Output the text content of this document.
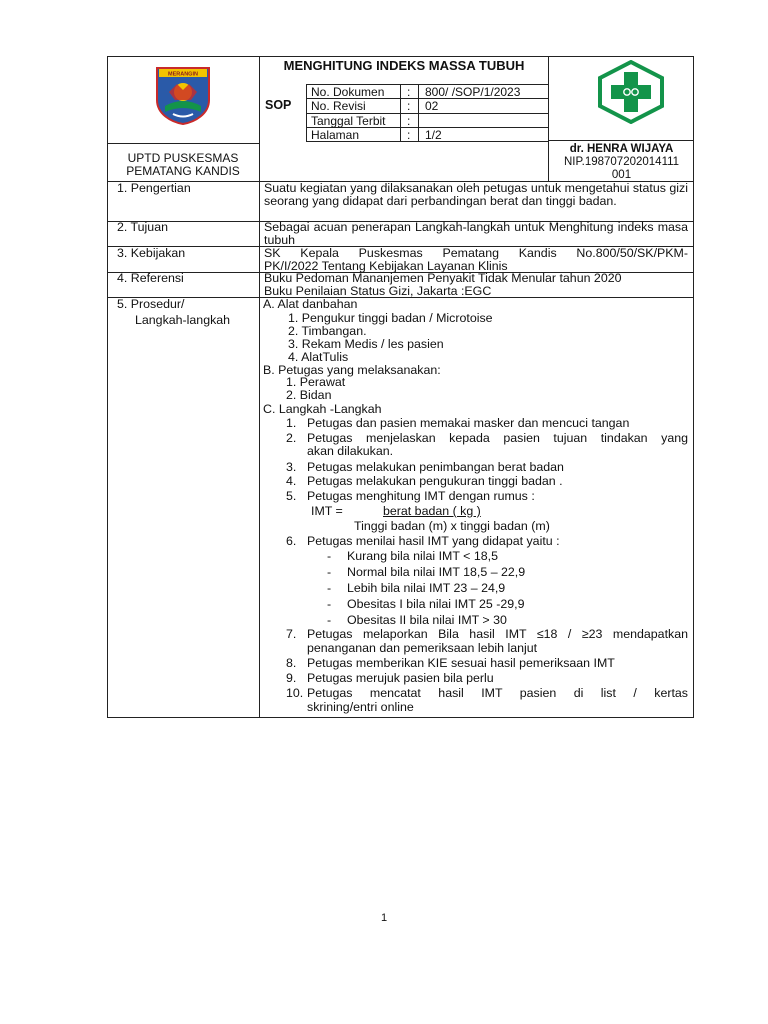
MERANGIN
MENGHITUNG INDEKS MASSA TUBUH
SOP
No. Dokumen : 800/ /SOP/1/2023
No. Revisi	: 02
Tanggal Terbit :
Halaman	: 1/2
UPTD PUSKESMAS
PEMATANG KANDIS
dr. HENRA WIJAYA
NIP.198707202014111
001
1. Pengertian	Suatu kegiatan yang dilaksanakan oleh petugas untuk mengetahui status gizi seorang yang didapat dari perbandingan berat dan tinggi badan.
2. Tujuan	Sebagai acuan penerapan Langkah-langkah untuk Menghitung indeks masa tubuh
3. Kebijakan	SK Kepala Puskesmas Pematang Kandis No.800/50/SK/PKM-
PK/I/2022 Tentang Kebijakan Layanan Klinis
4. Referensi	Buku Pedoman Mananjemen Penyakit Tidak Menular tahun 2020
Buku Penilaian Status Gizi, Jakarta :EGC
5. Prosedur/
Langkah-langkah
A. Alat danbahan
1. Pengukur tinggi badan / Microtoise
2. Timbangan.
3. Rekam Medis / les pasien
4. AlatTulis
B. Petugas yang melaksanakan:
1. Perawat
2. Bidan
C. Langkah -Langkah
1. Petugas dan pasien memakai masker dan mencuci tangan
2. Petugas menjelaskan kepada pasien tujuan tindakan yang
akan dilakukan.
3. Petugas melakukan penimbangan berat badan
4. Petugas melakukan pengukuran tinggi badan .
5. Petugas menghitung IMT dengan rumus :
IMT =	berat badan ( kg )
Tinggi badan (m) x tinggi badan (m)
6. Petugas menilai hasil IMT yang didapat yaitu :
- Kurang bila nilai IMT < 18,5
- Normal bila nilai IMT 18,5 – 22,9
- Lebih bila nilai IMT 23 – 24,9
- Obesitas I bila nilai IMT 25 -29,9
- Obesitas II bila nilai IMT > 30
7. Petugas melaporkan Bila hasil IMT ≤18 / ≥23 mendapatkan
penanganan dan pemeriksaan lebih lanjut
8. Petugas memberikan KIE sesuai hasil pemeriksaan IMT
9. Petugas merujuk pasien bila perlu
10. Petugas mencatat hasil IMT pasien di list / kertas
skrining/entri online
1
